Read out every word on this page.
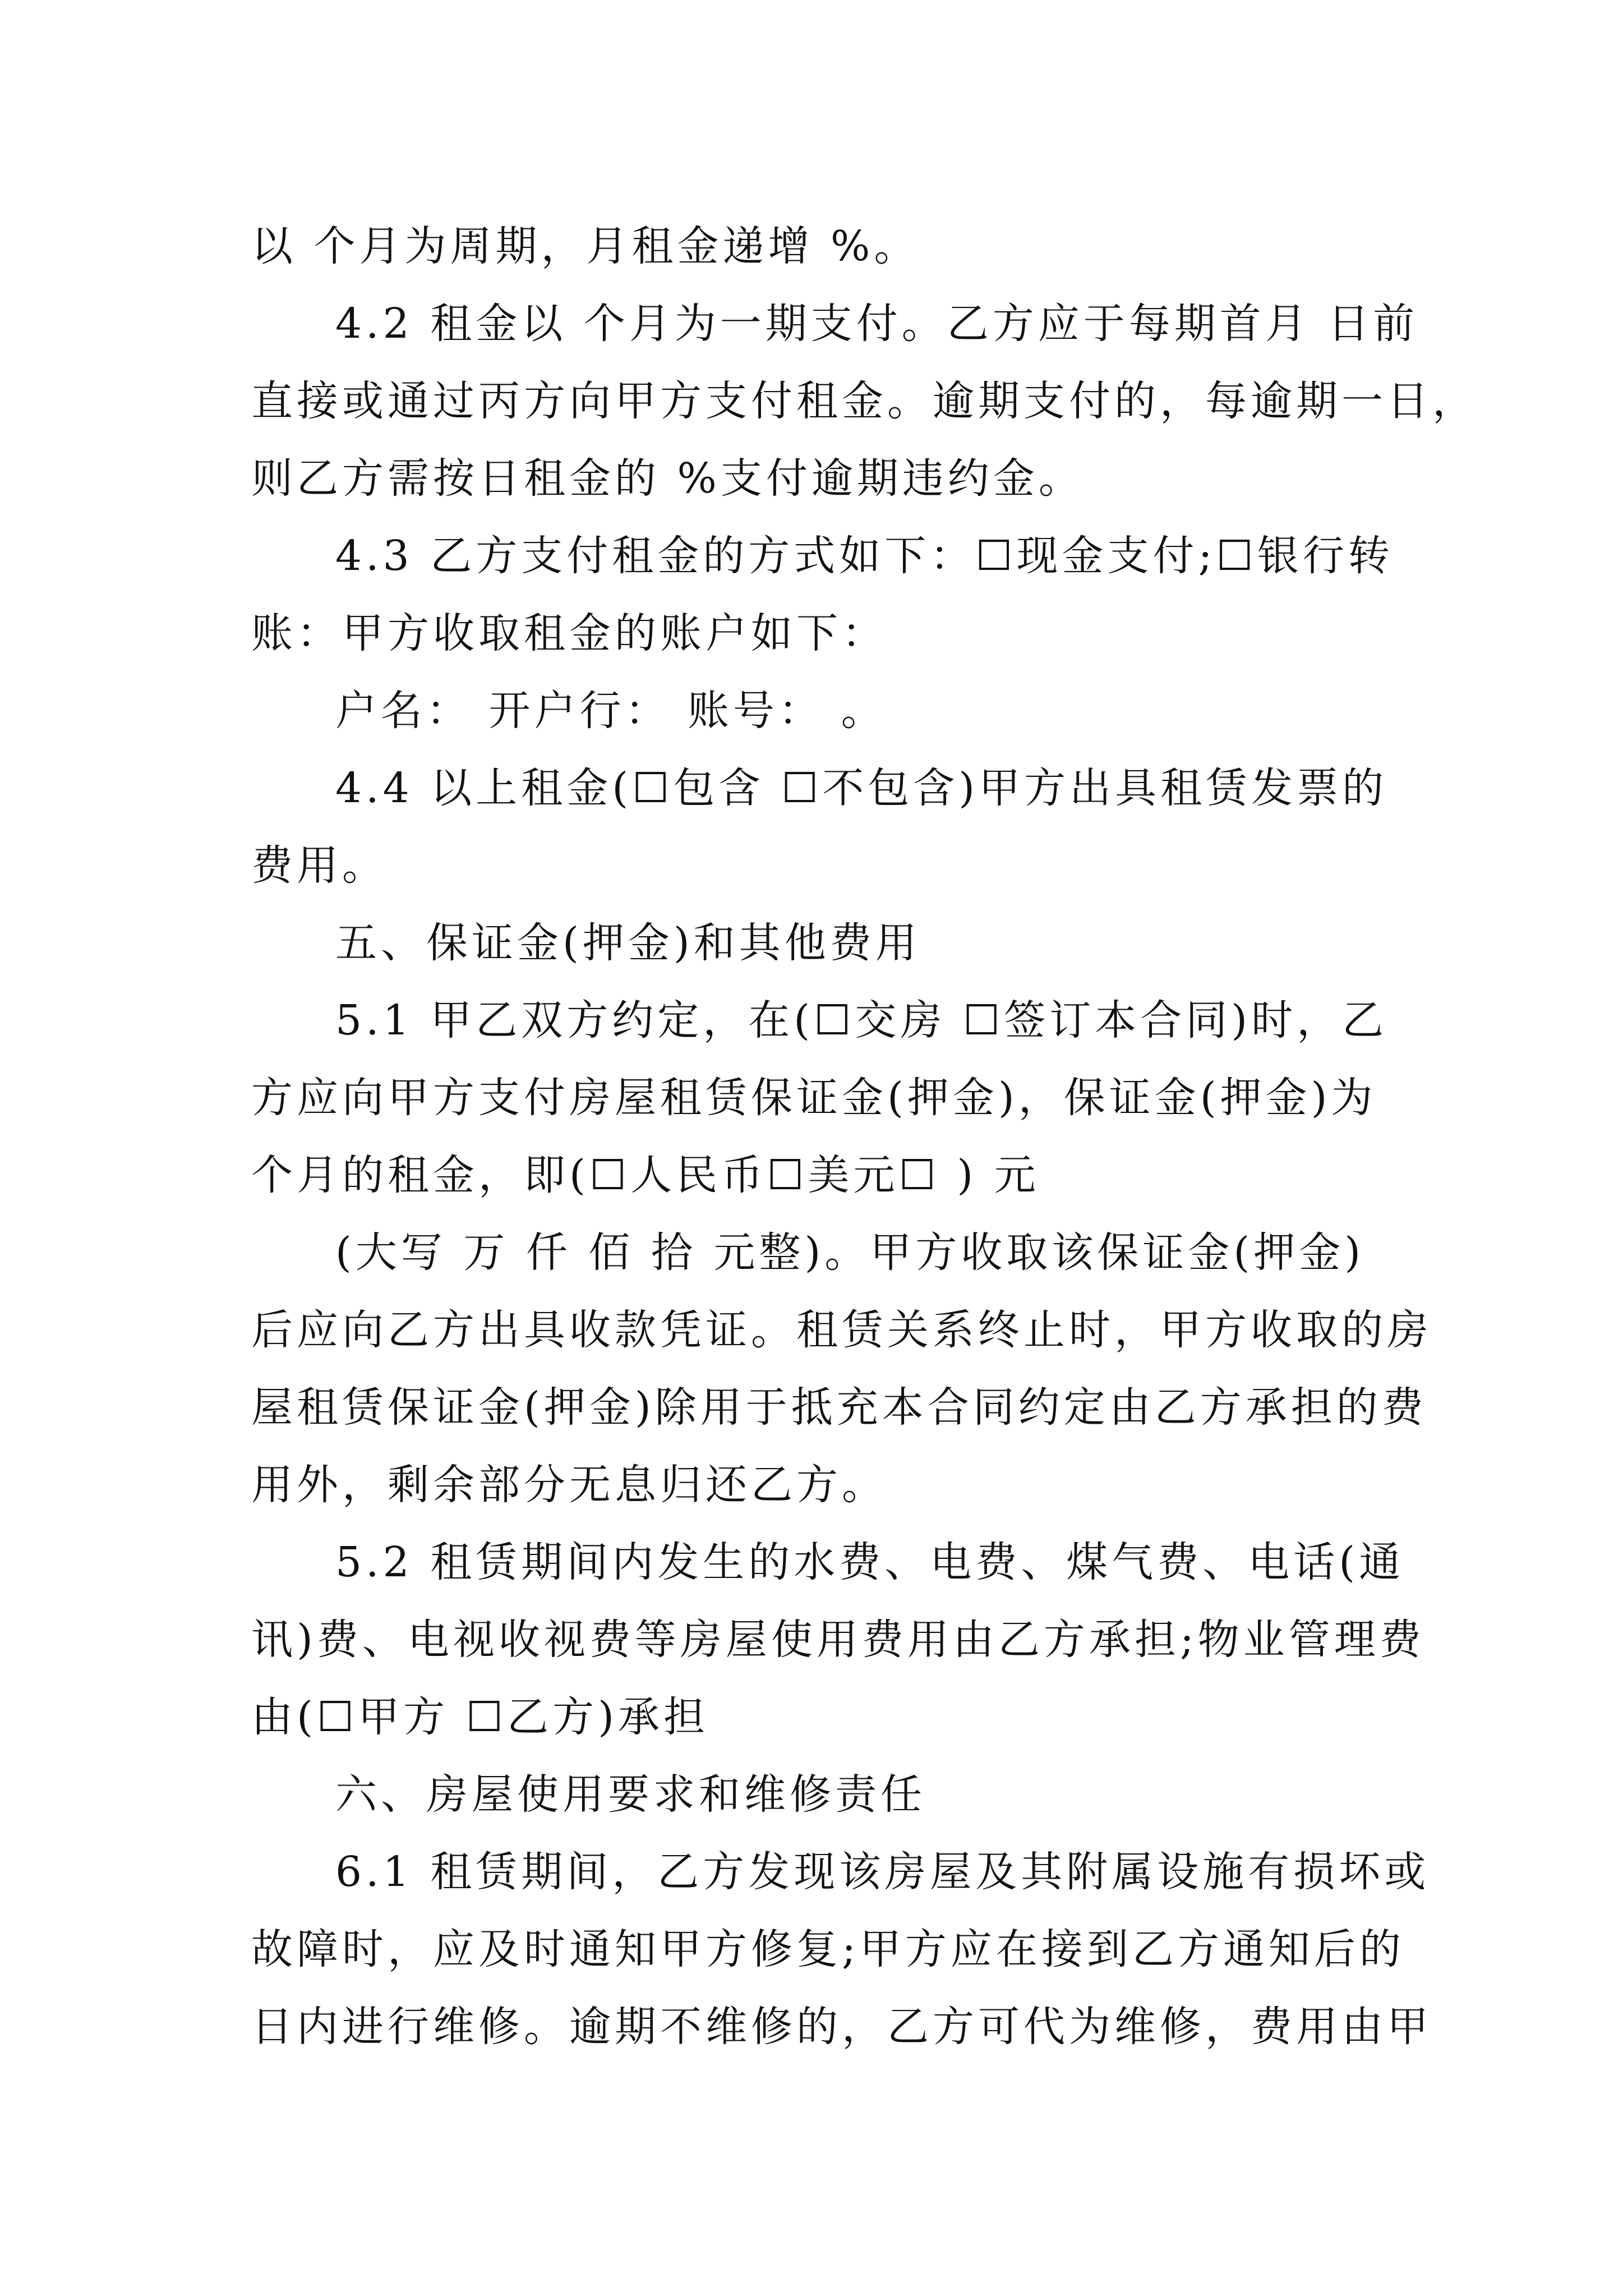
以 个月为周期，月租金递增 %。
4.2 租金以 个月为一期支付。乙方应于每期首月 日前
直接或通过丙方向甲方支付租金。逾期支付的，每逾期一日，
则乙方需按日租金的 %支付逾期违约金。
4.3 乙方支付租金的方式如下：☐现金支付;☐银行转
账：甲方收取租金的账户如下：
户名： 开户行： 账号： 。
4.4 以上租金(☐包含 ☐不包含)甲方出具租赁发票的
费用。
五、保证金(押金)和其他费用
5.1 甲乙双方约定，在(☐交房 ☐签订本合同)时，乙
方应向甲方支付房屋租赁保证金(押金)，保证金(押金)为
个月的租金，即(☐人民币☐美元☐ ) 元
(大写 万 仟 佰 拾 元整)。甲方收取该保证金(押金)
后应向乙方出具收款凭证。租赁关系终止时，甲方收取的房
屋租赁保证金(押金)除用于抵充本合同约定由乙方承担的费
用外，剩余部分无息归还乙方。
5.2 租赁期间内发生的水费、电费、煤气费、电话(通
讯)费、电视收视费等房屋使用费用由乙方承担;物业管理费
由(☐甲方 ☐乙方)承担
六、房屋使用要求和维修责任
6.1 租赁期间，乙方发现该房屋及其附属设施有损坏或
故障时，应及时通知甲方修复;甲方应在接到乙方通知后的
日内进行维修。逾期不维修的，乙方可代为维修，费用由甲
